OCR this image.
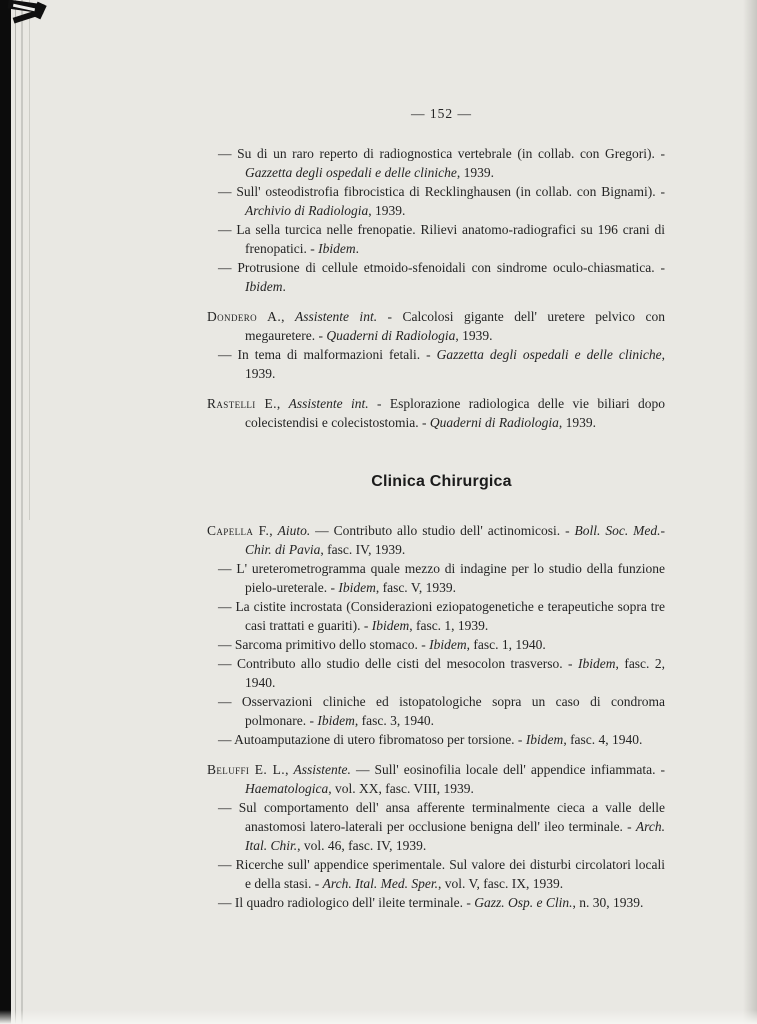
— 152 —

— Su di un raro reperto di radiognostica vertebrale (in collab. con Gregori). - Gazzetta degli ospedali e delle cliniche, 1939.

— Sull' osteodistrofia fibrocistica di Recklinghausen (in collab. con Bignami). - Archivio di Radiologia, 1939.

— La sella turcica nelle frenopatie. Rilievi anatomo-radiografici su 196 crani di frenopatici. - Ibidem.

— Protrusione di cellule etmoido-sfenoidali con sindrome oculo-chiasmatica. - Ibidem.

Dondero A., Assistente int. - Calcolosi gigante dell' uretere pelvico con megauretere. - Quaderni di Radiologia, 1939.

— In tema di malformazioni fetali. - Gazzetta degli ospedali e delle cliniche, 1939.

Rastelli E., Assistente int. - Esplorazione radiologica delle vie biliari dopo colecistendisi e colecistostomia. - Quaderni di Radiologia, 1939.

Clinica Chirurgica

Capella F., Aiuto. — Contributo allo studio dell' actinomicosi. - Boll. Soc. Med.-Chir. di Pavia, fasc. IV, 1939.

— L' ureterometrogramma quale mezzo di indagine per lo studio della funzione pielo-ureterale. - Ibidem, fasc. V, 1939.

— La cistite incrostata (Considerazioni eziopatogenetiche e terapeutiche sopra tre casi trattati e guariti). - Ibidem, fasc. 1, 1939.

— Sarcoma primitivo dello stomaco. - Ibidem, fasc. 1, 1940.

— Contributo allo studio delle cisti del mesocolon trasverso. - Ibidem, fasc. 2, 1940.

— Osservazioni cliniche ed istopatologiche sopra un caso di condroma polmonare. - Ibidem, fasc. 3, 1940.

— Autoamputazione di utero fibromatoso per torsione. - Ibidem, fasc. 4, 1940.

Beluffi E. L., Assistente. — Sull' eosinofilia locale dell' appendice infiammata. - Haematologica, vol. XX, fasc. VIII, 1939.

— Sul comportamento dell' ansa afferente terminalmente cieca a valle delle anastomosi latero-laterali per occlusione benigna dell' ileo terminale. - Arch. Ital. Chir., vol. 46, fasc. IV, 1939.

— Ricerche sull' appendice sperimentale. Sul valore dei disturbi circolatori locali e della stasi. - Arch. Ital. Med. Sper., vol. V, fasc. IX, 1939.

— Il quadro radiologico dell' ileite terminale. - Gazz. Osp. e Clin., n. 30, 1939.
